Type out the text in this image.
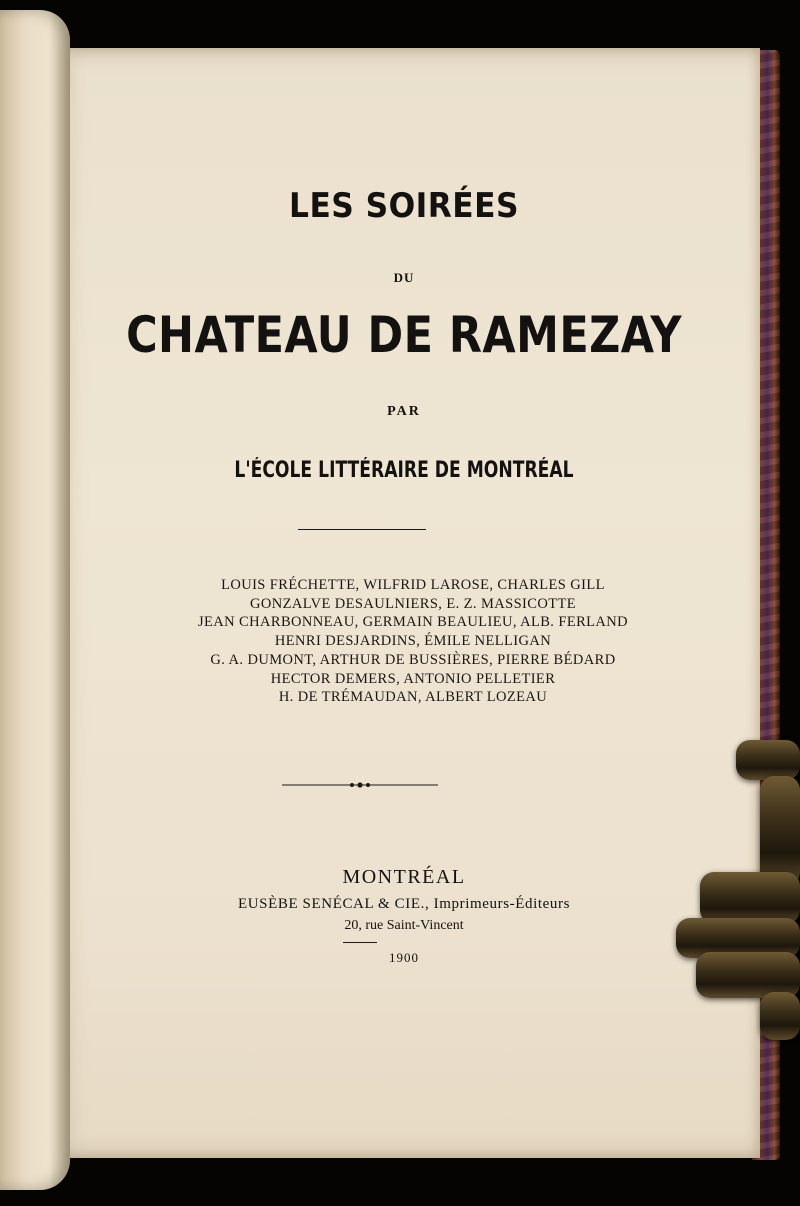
LES SOIRÉES
DU
CHATEAU DE RAMEZAY
PAR
L'ÉCOLE LITTÉRAIRE DE MONTRÉAL
LOUIS FRÉCHETTE, WILFRID LAROSE, CHARLES GILL
GONZALVE DESAULNIERS, E. Z. MASSICOTTE
JEAN CHARBONNEAU, GERMAIN BEAULIEU, ALB. FERLAND
HENRI DESJARDINS, ÉMILE NELLIGAN
G. A. DUMONT, ARTHUR DE BUSSIÈRES, PIERRE BÉDARD
HECTOR DEMERS, ANTONIO PELLETIER
H. DE TRÉMAUDAN, ALBERT LOZEAU
MONTRÉAL
EUSÈBE SENÉCAL & CIE., Imprimeurs-Éditeurs
20, rue Saint-Vincent
1900
